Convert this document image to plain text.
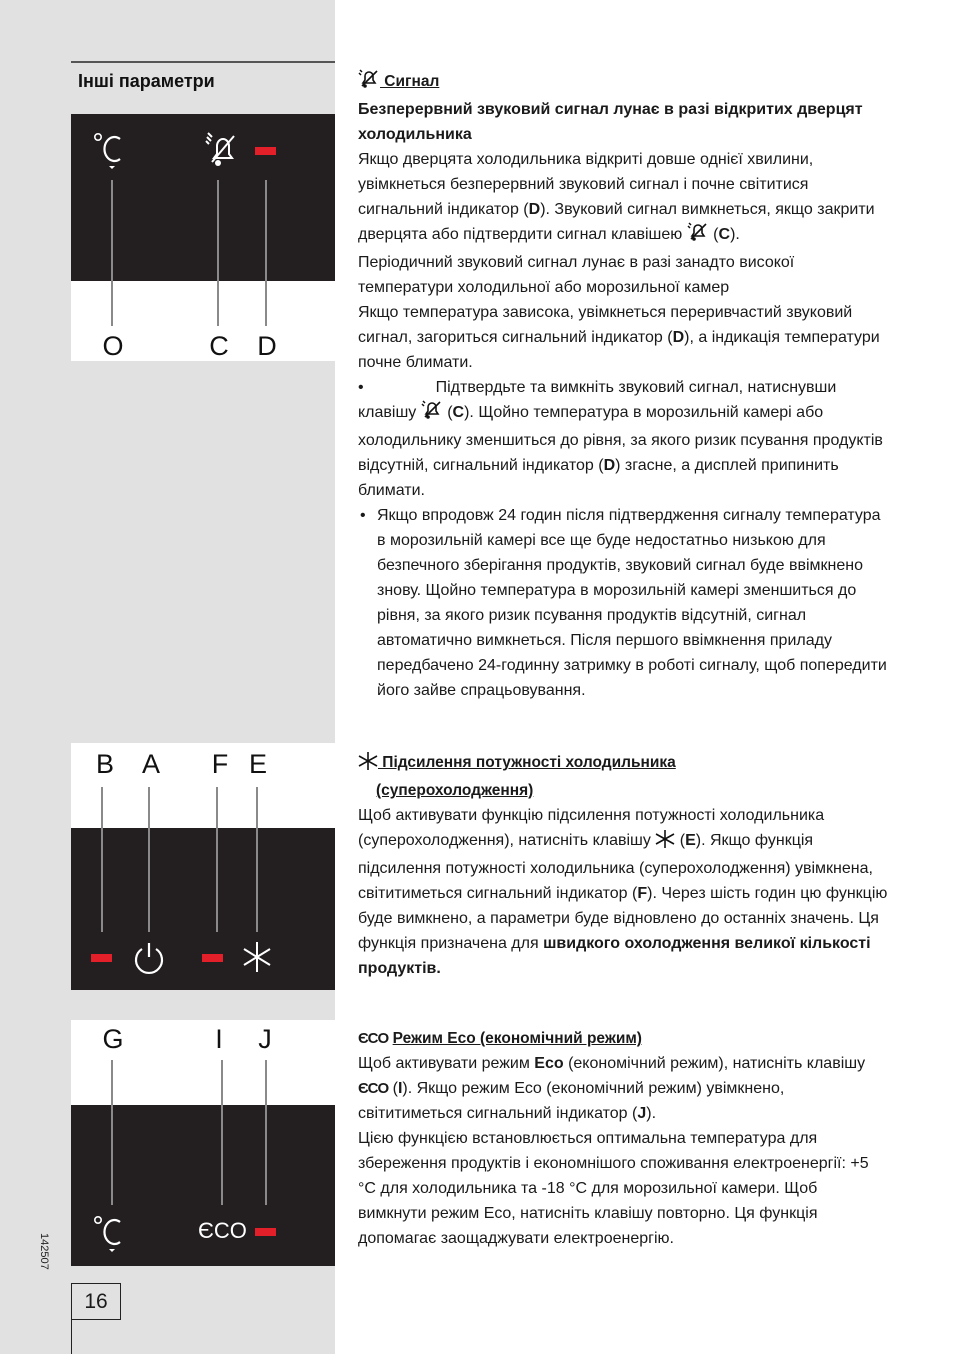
Інші параметри
O	C D
B A F E
G	I J
ЄCO
142507
16

Сигнал

Безперервний звуковий сигнал лунає в разі відкритих дверцят холодильника

Якщо дверцята холодильника відкриті довше однієї хвилини, увімкнеться безперервний звуковий сигнал і почне світитися сигнальний індикатор (D). Звуковий сигнал вимкнеться, якщо закрити дверцята або підтвердити сигнал клавішею  (C).

Періодичний звуковий сигнал лунає в разі занадто високої температури холодильної або морозильної камер

Якщо температура зависока, увімкнеться переривчастий звуковий сигнал, загориться сигнальний індикатор (D), а індикація температури почне блимати.

•	Підтвердьте та вимкніть звуковий сигнал, натиснувши клавішу  (C). Щойно температура в морозильній камері або холодильнику зменшиться до рівня, за якого ризик псування продуктів відсутній, сигнальний індикатор (D) згасне, а дисплей припинить блимати.

• Якщо впродовж 24 годин після підтвердження сигналу температура в морозильній камері все ще буде недостатньо низькою для безпечного зберігання продуктів, звуковий сигнал буде ввімкнено знову. Щойно температура в морозильній камері зменшиться до рівня, за якого ризик псування продуктів відсутній, сигнал автоматично вимкнеться. Після першого ввімкнення приладу передбачено 24-годинну затримку в роботі сигналу, щоб попередити його зайве спрацьовування.

Підсилення потужності холодильника

(суперохолодження)

Щоб активувати функцію підсилення потужності холодильника (суперохолодження), натисніть клавішу  (E). Якщо функція підсилення потужності холодильника (суперохолодження) увімкнена, світитиметься сигнальний індикатор (F). Через шість годин цю функцію буде вимкнено, а параметри буде відновлено до останніх значень. Ця функція призначена для швидкого охолодження великої кількості продуктів.

ЄCO Режим Eco (економічний режим)

Щоб активувати режим Eco (економічний режим), натисніть клавішу ЄCO (I). Якщо режим Eco (економічний режим) увімкнено, світитиметься сигнальний індикатор (J).

Цією функцією встановлюється оптимальна температура для збереження продуктів і економнішого споживання електроенергії: +5 °C для холодильника та -18 °C для морозильної камери. Щоб вимкнути режим Eco, натисніть клавішу повторно. Ця функція допомагає заощаджувати електроенергію.
